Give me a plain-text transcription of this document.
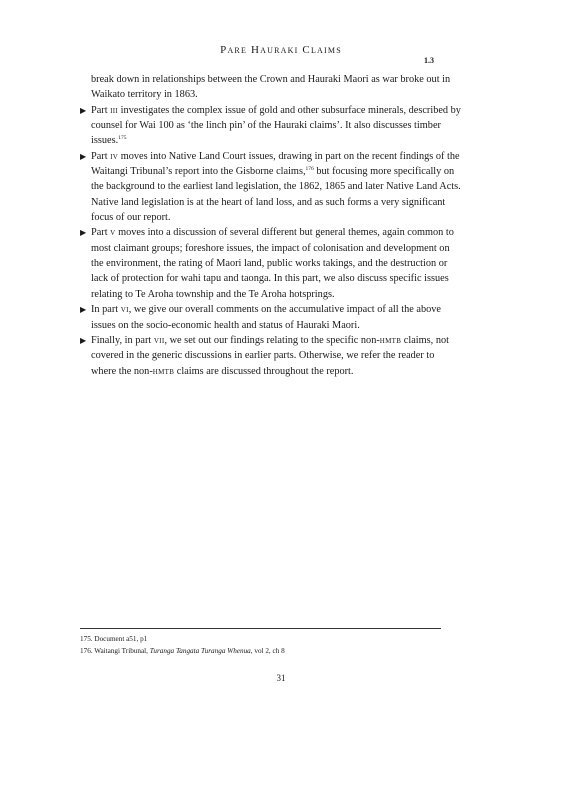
Pare Hauraki Claims
1.3

break down in relationships between the Crown and Hauraki Maori as war broke out in Waikato territory in 1863.

▶ Part iii investigates the complex issue of gold and other subsurface minerals, described by counsel for Wai 100 as ‘the linch pin’ of the Hauraki claims’. It also discusses timber issues.$^{175}$
▶ Part iv moves into Native Land Court issues, drawing in part on the recent findings of the Waitangi Tribunal’s report into the Gisborne claims,$^{176}$ but focusing more specifically on the background to the earliest land legislation, the 1862, 1865 and later Native Land Acts. Native land legislation is at the heart of land loss, and as such forms a very significant focus of our report.
▶ Part v moves into a discussion of several different but general themes, again common to most claimant groups; foreshore issues, the impact of colonisation and development on the environment, the rating of Maori land, public works takings, and the destruction or lack of protection for wahi tapu and taonga. In this part, we also discuss specific issues relating to Te Aroha township and the Te Aroha hotsprings.
▶ In part vi, we give our overall comments on the accumulative impact of all the above issues on the socio-economic health and status of Hauraki Maori.
▶ Finally, in part vii, we set out our findings relating to the specific non-hmtb claims, not covered in the generic discussions in earlier parts. Otherwise, we refer the reader to where the non-hmtb claims are discussed throughout the report.
175. Document a51, p1
176. Waitangi Tribunal, Turanga Tangata Turanga Whenua, vol 2, ch 8
31
